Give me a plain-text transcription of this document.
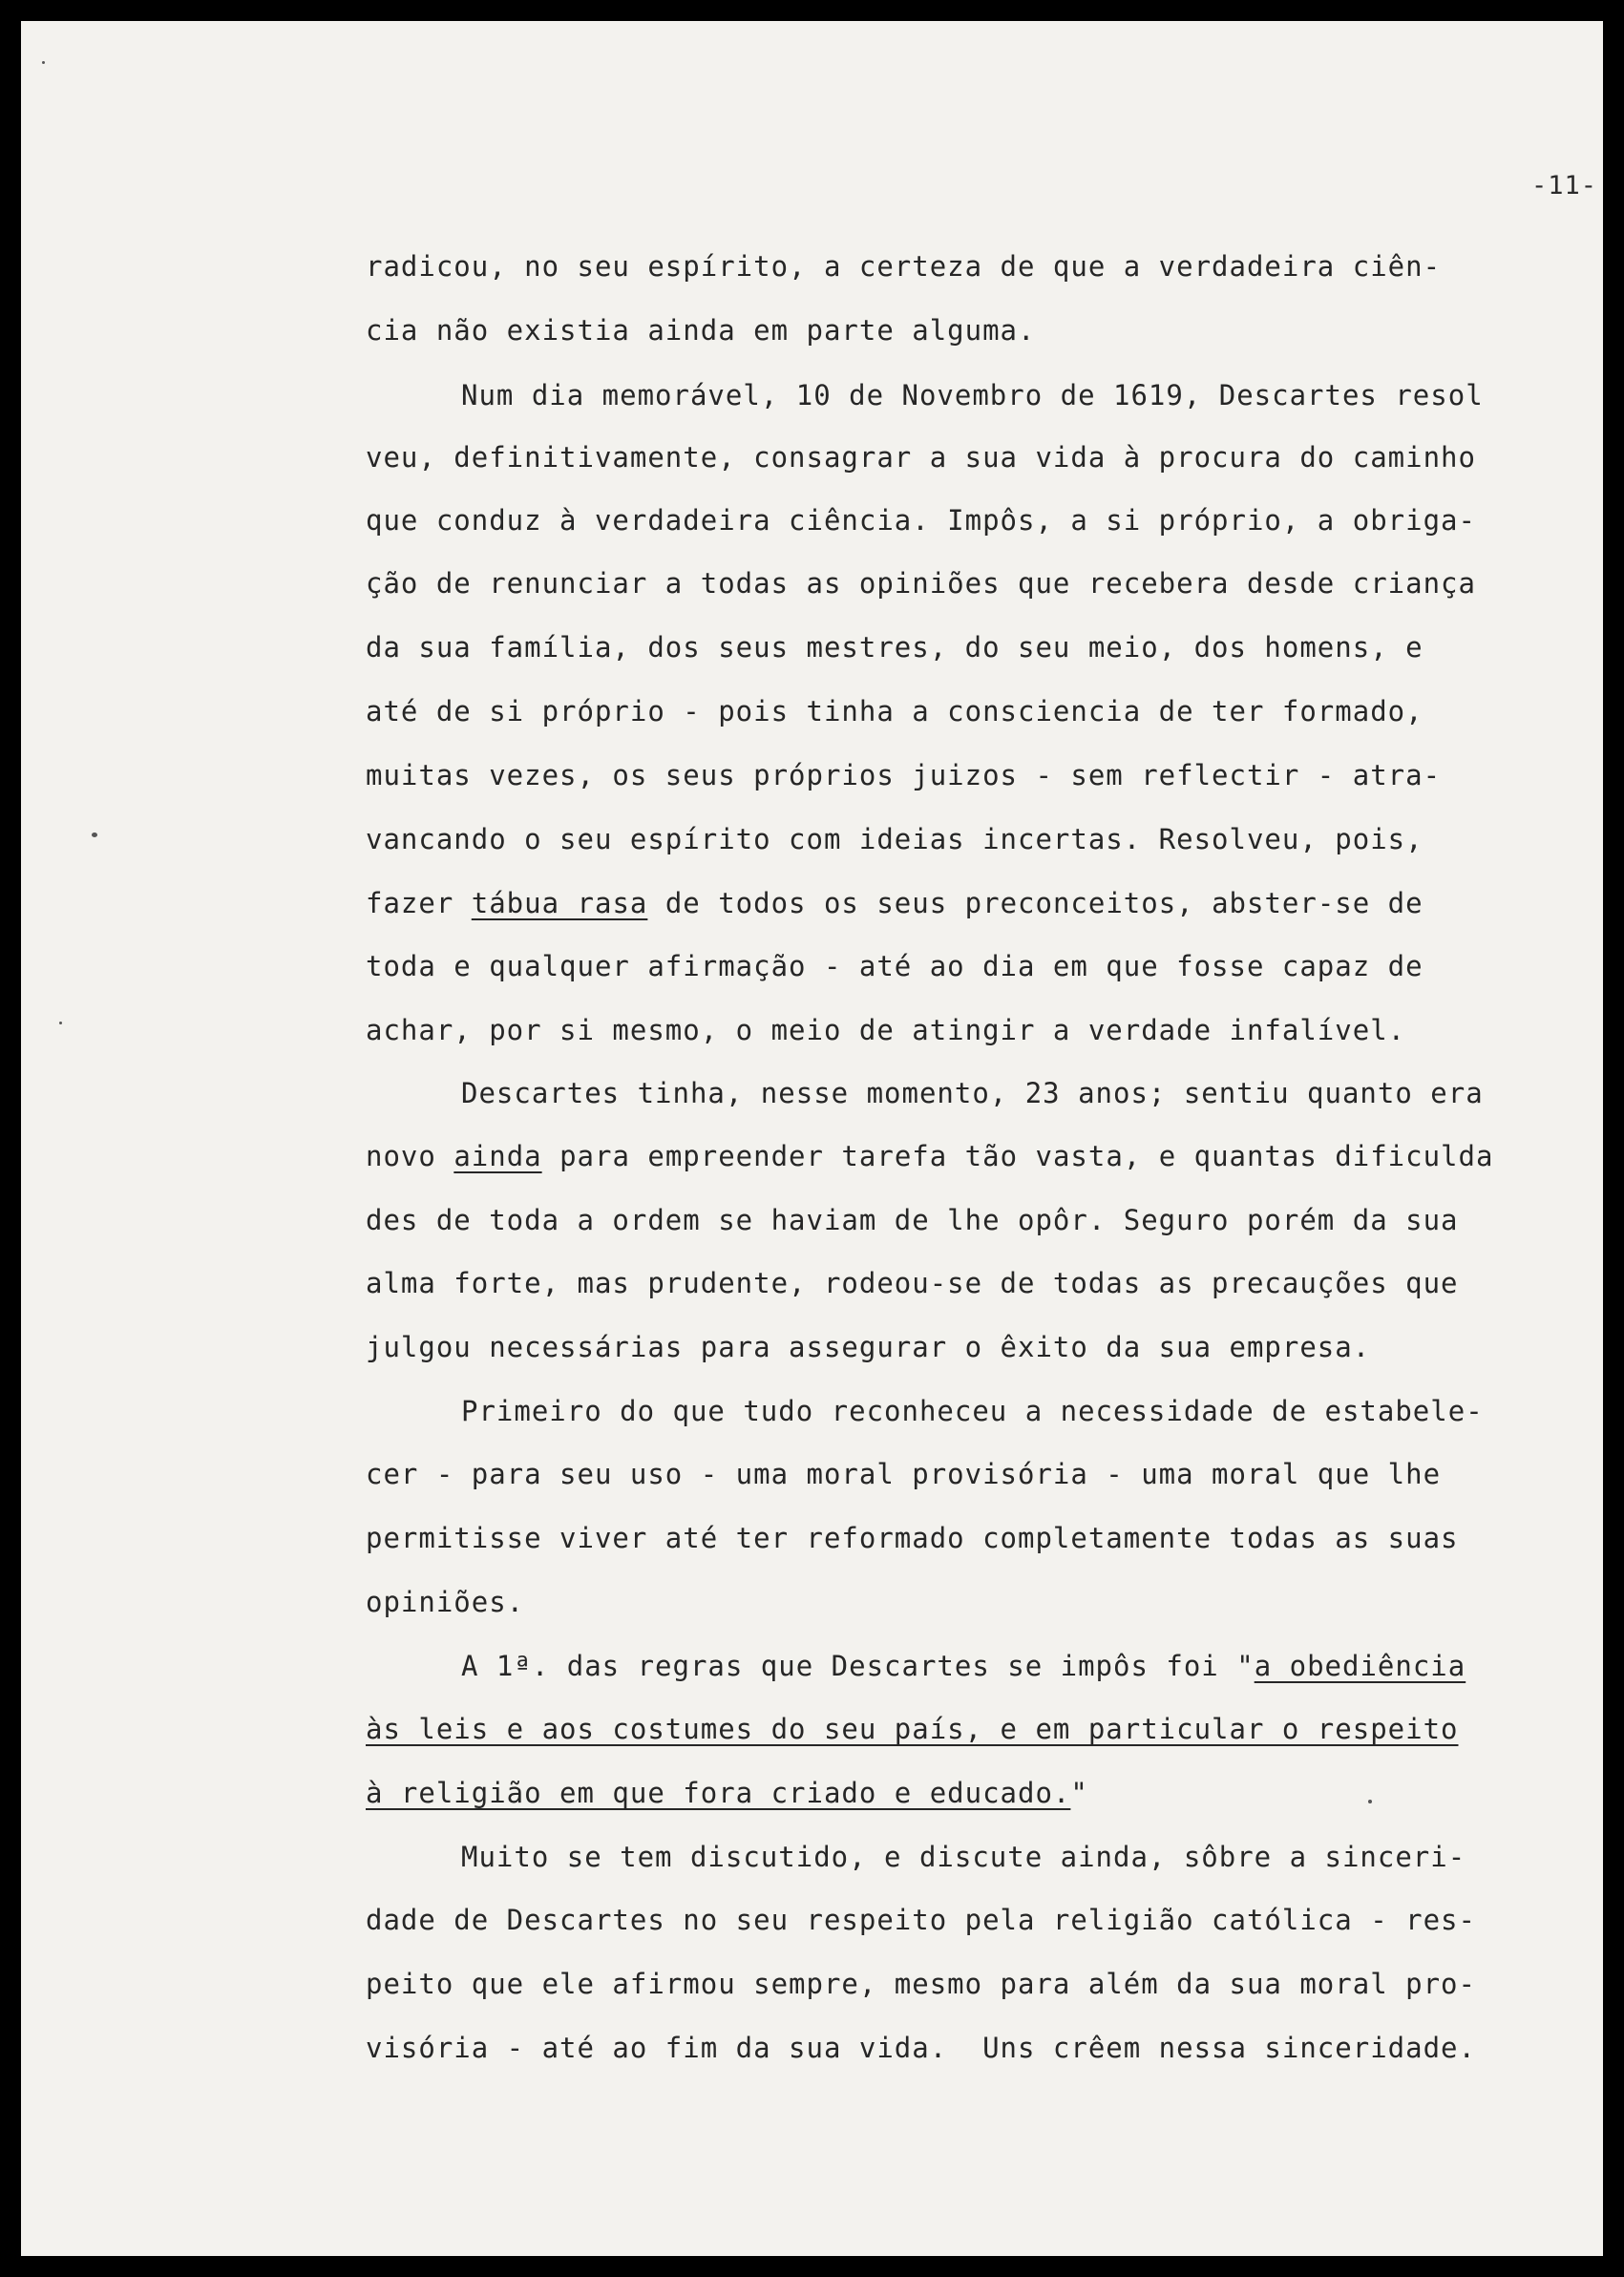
-11-
radicou, no seu espírito, a certeza de que a verdadeira ciên-
cia não existia ainda em parte alguma.
Num dia memorável, 10 de Novembro de 1619, Descartes resol
veu, definitivamente, consagrar a sua vida à procura do caminho
que conduz à verdadeira ciência. Impôs, a si próprio, a obriga-
ção de renunciar a todas as opiniões que recebera desde criança
da sua família, dos seus mestres, do seu meio, dos homens, e
até de si próprio - pois tinha a consciencia de ter formado,
muitas vezes, os seus próprios juizos - sem reflectir - atra-
vancando o seu espírito com ideias incertas. Resolveu, pois,
fazer tábua rasa de todos os seus preconceitos, abster-se de
toda e qualquer afirmação - até ao dia em que fosse capaz de
achar, por si mesmo, o meio de atingir a verdade infalível.
Descartes tinha, nesse momento, 23 anos; sentiu quanto era
novo ainda para empreender tarefa tão vasta, e quantas dificulda
des de toda a ordem se haviam de lhe opôr. Seguro porém da sua
alma forte, mas prudente, rodeou-se de todas as precauções que
julgou necessárias para assegurar o êxito da sua empresa.
Primeiro do que tudo reconheceu a necessidade de estabele-
cer - para seu uso - uma moral provisória - uma moral que lhe
permitisse viver até ter reformado completamente todas as suas
opiniões.
A 1ª. das regras que Descartes se impôs foi "a obediência
às leis e aos costumes do seu país, e em particular o respeito
à religião em que fora criado e educado."
Muito se tem discutido, e discute ainda, sôbre a sinceri-
dade de Descartes no seu respeito pela religião católica - res-
peito que ele afirmou sempre, mesmo para além da sua moral pro-
visória - até ao fim da sua vida.  Uns crêem nessa sinceridade.
